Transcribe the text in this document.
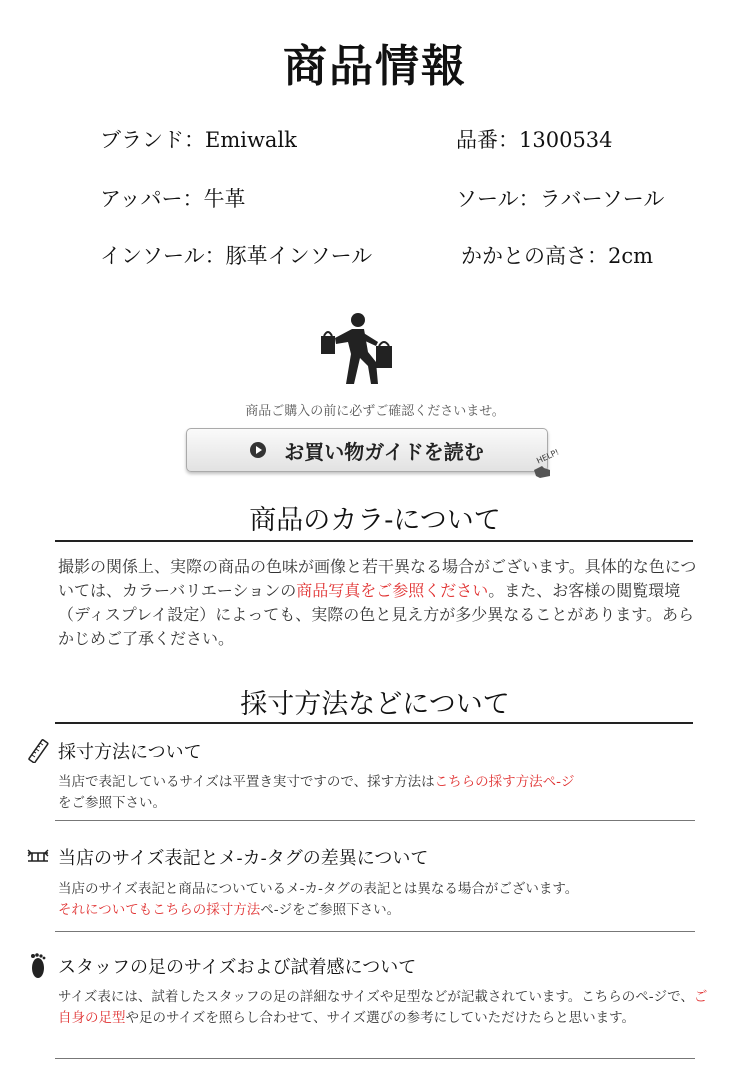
商品情報
ブランド：Emiwalk	品番：1300534
アッパー：牛革	ソール：ラバーソール
インソール：豚革インソール	かかとの高さ：2cm
商品ご購入の前に必ずご確認くださいませ。
お買い物ガイドを読む	HELP!
商品のカラ-について
撮影の関係上、実際の商品の色味が画像と若干異なる場合がございます。具体的な色については、カラーバリエーションの商品写真をご参照ください。また、お客様の閲覧環境（ディスプレイ設定）によっても、実際の色と見え方が多少異なることがあります。あらかじめご了承ください。
採寸方法などについて
採寸方法について
当店で表記しているサイズは平置き実寸ですので、採す方法はこちらの採す方法ペ-ジ
をご参照下さい。
当店のサイズ表記とメ-カ-タグの差異について
当店のサイズ表記と商品についているメ-カ-タグの表記とは異なる場合がございます。
それについてもこちらの採寸方法ペ-ジをご参照下さい。
スタッフの足のサイズおよび試着感について
サイズ表には、試着したスタッフの足の詳細なサイズや足型などが記載されています。こちらのペ-ジで、ご自身の足型や足のサイズを照らし合わせて、サイズ選びの参考にしていただけたらと思います。
